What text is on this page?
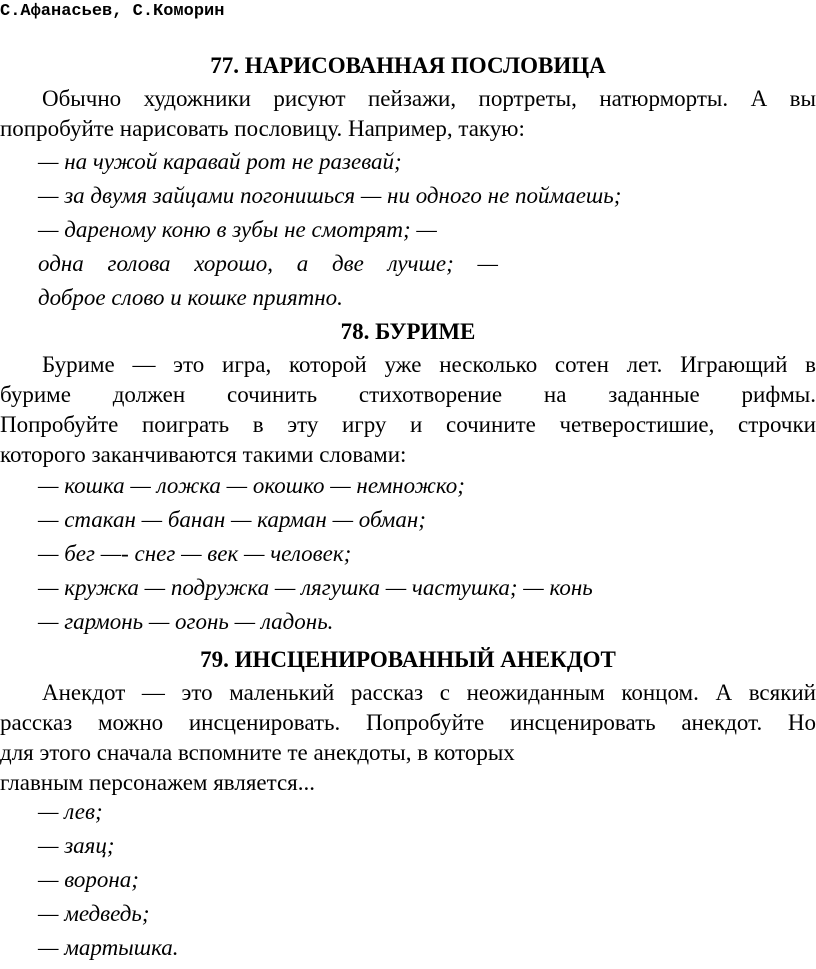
С.Афанасьев, С.Коморин
77. НАРИСОВАННАЯ ПОСЛОВИЦА
Обычно художники рисуют пейзажи, портреты, натюрморты. А вы
попробуйте нарисовать пословицу. Например, такую:
— на чужой каравай рот не разевай;
— за двумя зайцами погонишься — ни одного не поймаешь;
— дареному коню в зубы не смотрят; —
одна голова хорошо, а две лучше; —
доброе слово и кошке приятно.
78. БУРИМЕ
Буриме — это игра, которой уже несколько сотен лет. Играющий в
буриме должен сочинить стихотворение на заданные рифмы.
Попробуйте поиграть в эту игру и сочините четверостишие, строчки
которого заканчиваются такими словами:
— кошка — ложка — окошко — немножко;
— стакан — банан — карман — обман;
— бег —- снег — век — человек;
— кружка — подружка — лягушка — частушка; — конь
— гармонь — огонь — ладонь.
79. ИНСЦЕНИРОВАННЫЙ АНЕКДОТ
Анекдот — это маленький рассказ с неожиданным концом. А всякий
рассказ можно инсценировать. Попробуйте инсценировать анекдот. Но
для этого сначала вспомните те анекдоты, в которых
главным персонажем является...
— лев;
— заяц;
— ворона;
— медведь;
— мартышка.
